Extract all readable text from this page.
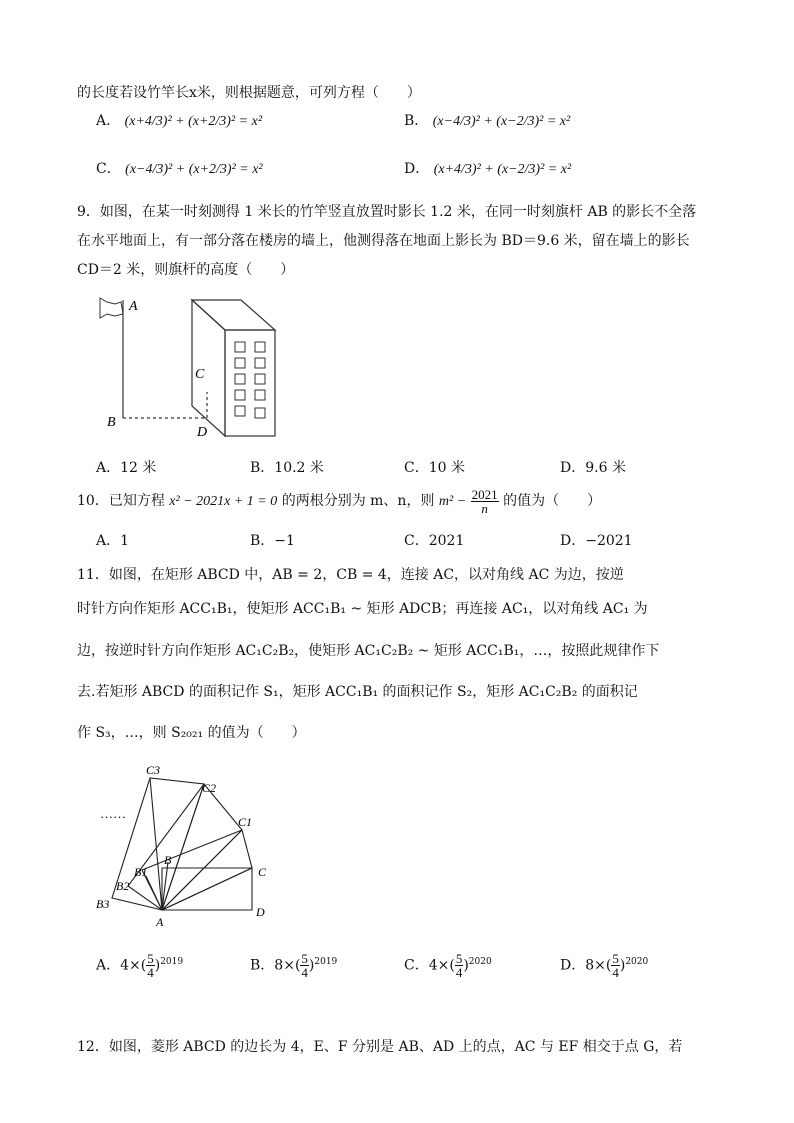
的长度若设竹竿长x米，则根据题意，可列方程（　　）
A． (x+4/3)² + (x+2/3)² = x²	B． (x−4/3)² + (x−2/3)² = x²
C． (x−4/3)² + (x+2/3)² = x²	D． (x+4/3)² + (x−2/3)² = x²
9．如图，在某一时刻测得 1 米长的竹竿竖直放置时影长 1.2 米，在同一时刻旗杆 AB 的影长不全落
在水平地面上，有一部分落在楼房的墙上，他测得落在地面上影长为 BD＝9.6 米，留在墙上的影长
CD＝2 米，则旗杆的高度（　　）
A
B
C
D
A．12 米	B．10.2 米	C．10 米	D．9.6 米
10．已知方程 x² − 2021x + 1 = 0 的两根分别为 m、n，则 $m^2 - \frac{2021}{n}$ 的值为（　　）
A．1	B．−1	C．2021	D．−2021
11．如图，在矩形 ABCD 中，AB = 2，CB = 4，连接 AC，以对角线 AC 为边，按逆
时针方向作矩形 ACC₁B₁，使矩形 ACC₁B₁ ~ 矩形 ADCB；再连接 AC₁，以对角线 AC₁ 为
边，按逆时针方向作矩形 AC₁C₂B₂，使矩形 AC₁C₂B₂ ~ 矩形 ACC₁B₁，…，按照此规律作下
去.若矩形 ABCD 的面积记作 S₁，矩形 ACC₁B₁ 的面积记作 S₂，矩形 AC₁C₂B₂ 的面积记
作 S₃，…，则 S₂₀₂₁ 的值为（　　）
……
C3
C2
C1
C
B
B1
B2
B3
A
D
A．$4\times( \frac{5}{4} )^{2019}$	B．$8\times( \frac{5}{4} )^{2019}$	C．$4\times( \frac{5}{4} )^{2020}$	D．$8\times( \frac{5}{4} )^{2020}$
12．如图，菱形 ABCD 的边长为 4，E、F 分别是 AB、AD 上的点，AC 与 EF 相交于点 G，若
